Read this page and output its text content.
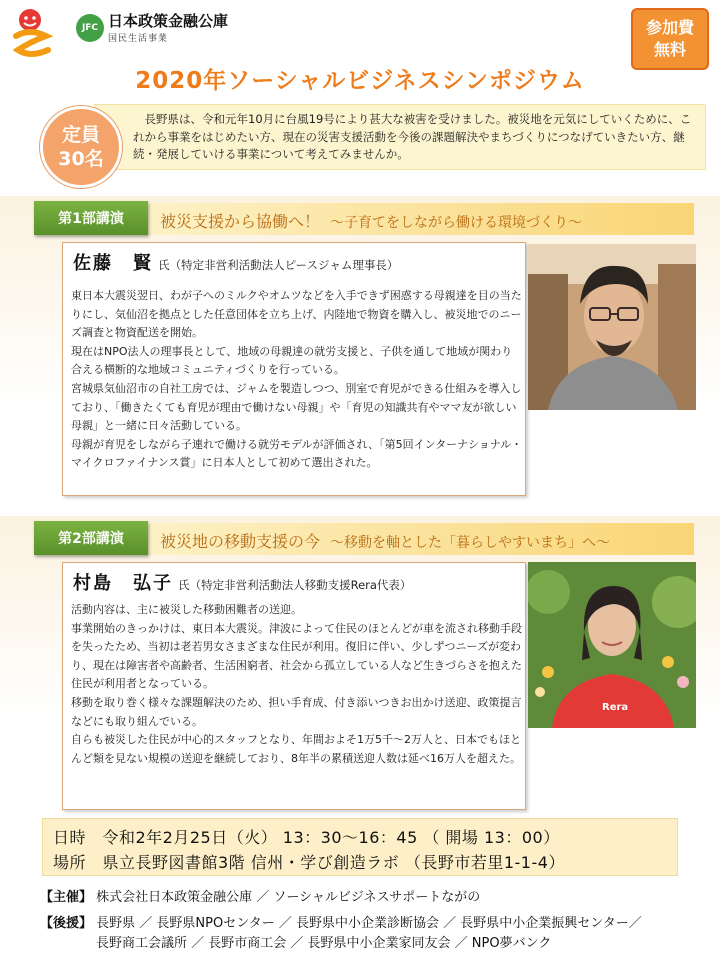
JFC 日本政策金融公庫
国民生活事業
参加費
無料
2020年ソーシャルビジネスシンポジウム
長野県は、令和元年10月に台風19号により甚大な被害を受けました。被災地を元気にしていくために、これから事業をはじめたい方、現在の災害支援活動を今後の課題解決やまちづくりにつなげていきたい方、継続・発展していける事業について考えてみませんか。
定員
30名
被災支援から協働へ！ ～子育てをしながら働ける環境づくり～
第1部講演
佐藤　賢 氏（特定非営利活動法人ピースジャム理事長）

東日本大震災翌日、わが子へのミルクやオムツなどを入手できず困惑する母親達を目の当たりにし、気仙沼を拠点とした任意団体を立ち上げ、内陸地で物資を購入し、被災地でのニーズ調査と物資配送を開始。

現在はNPO法人の理事長として、地域の母親達の就労支援と、子供を通して地域が関わり合える横断的な地域コミュニティづくりを行っている。

宮城県気仙沼市の自社工房では、ジャムを製造しつつ、別室で育児ができる仕組みを導入しており、「働きたくても育児が理由で働けない母親」や「育児の知識共有やママ友が欲しい母親」と一緒に日々活動している。

母親が育児をしながら子連れで働ける就労モデルが評価され、「第5回インターナショナル・マイクロファイナンス賞」に日本人として初めて選出された。

被災地の移動支援の今 ～移動を軸とした「暮らしやすいまち」へ～
第2部講演
村島　弘子 氏（特定非営利活動法人移動支援Rera代表）

活動内容は、主に被災した移動困難者の送迎。

事業開始のきっかけは、東日本大震災。津波によって住民のほとんどが車を流され移動手段を失ったため、当初は老若男女さまざまな住民が利用。復旧に伴い、少しずつニーズが変わり、現在は障害者や高齢者、生活困窮者、社会から孤立している人など生きづらさを抱えた住民が利用者となっている。

移動を取り巻く様々な課題解決のため、担い手育成、付き添いつきお出かけ送迎、政策提言などにも取り組んでいる。

自らも被災した住民が中心的スタッフとなり、年間およそ1万5千～2万人と、日本でもほとんど類を見ない規模の送迎を継続しており、8年半の累積送迎人数は延べ16万人を超えた。

Rera
日時　令和2年2月25日（火） 13：30～16：45 （ 開場 13：00）
場所　県立長野図書館3階 信州・学び創造ラボ （長野市若里1-1-4）
【主催】 株式会社日本政策金融公庫 ／ ソーシャルビジネスサポートながの
【後援】 長野県 ／ 長野県NPOセンター ／ 長野県中小企業診断協会 ／ 長野県中小企業振興センター／
長野商工会議所 ／ 長野市商工会 ／ 長野県中小企業家同友会 ／ NPO夢バンク
